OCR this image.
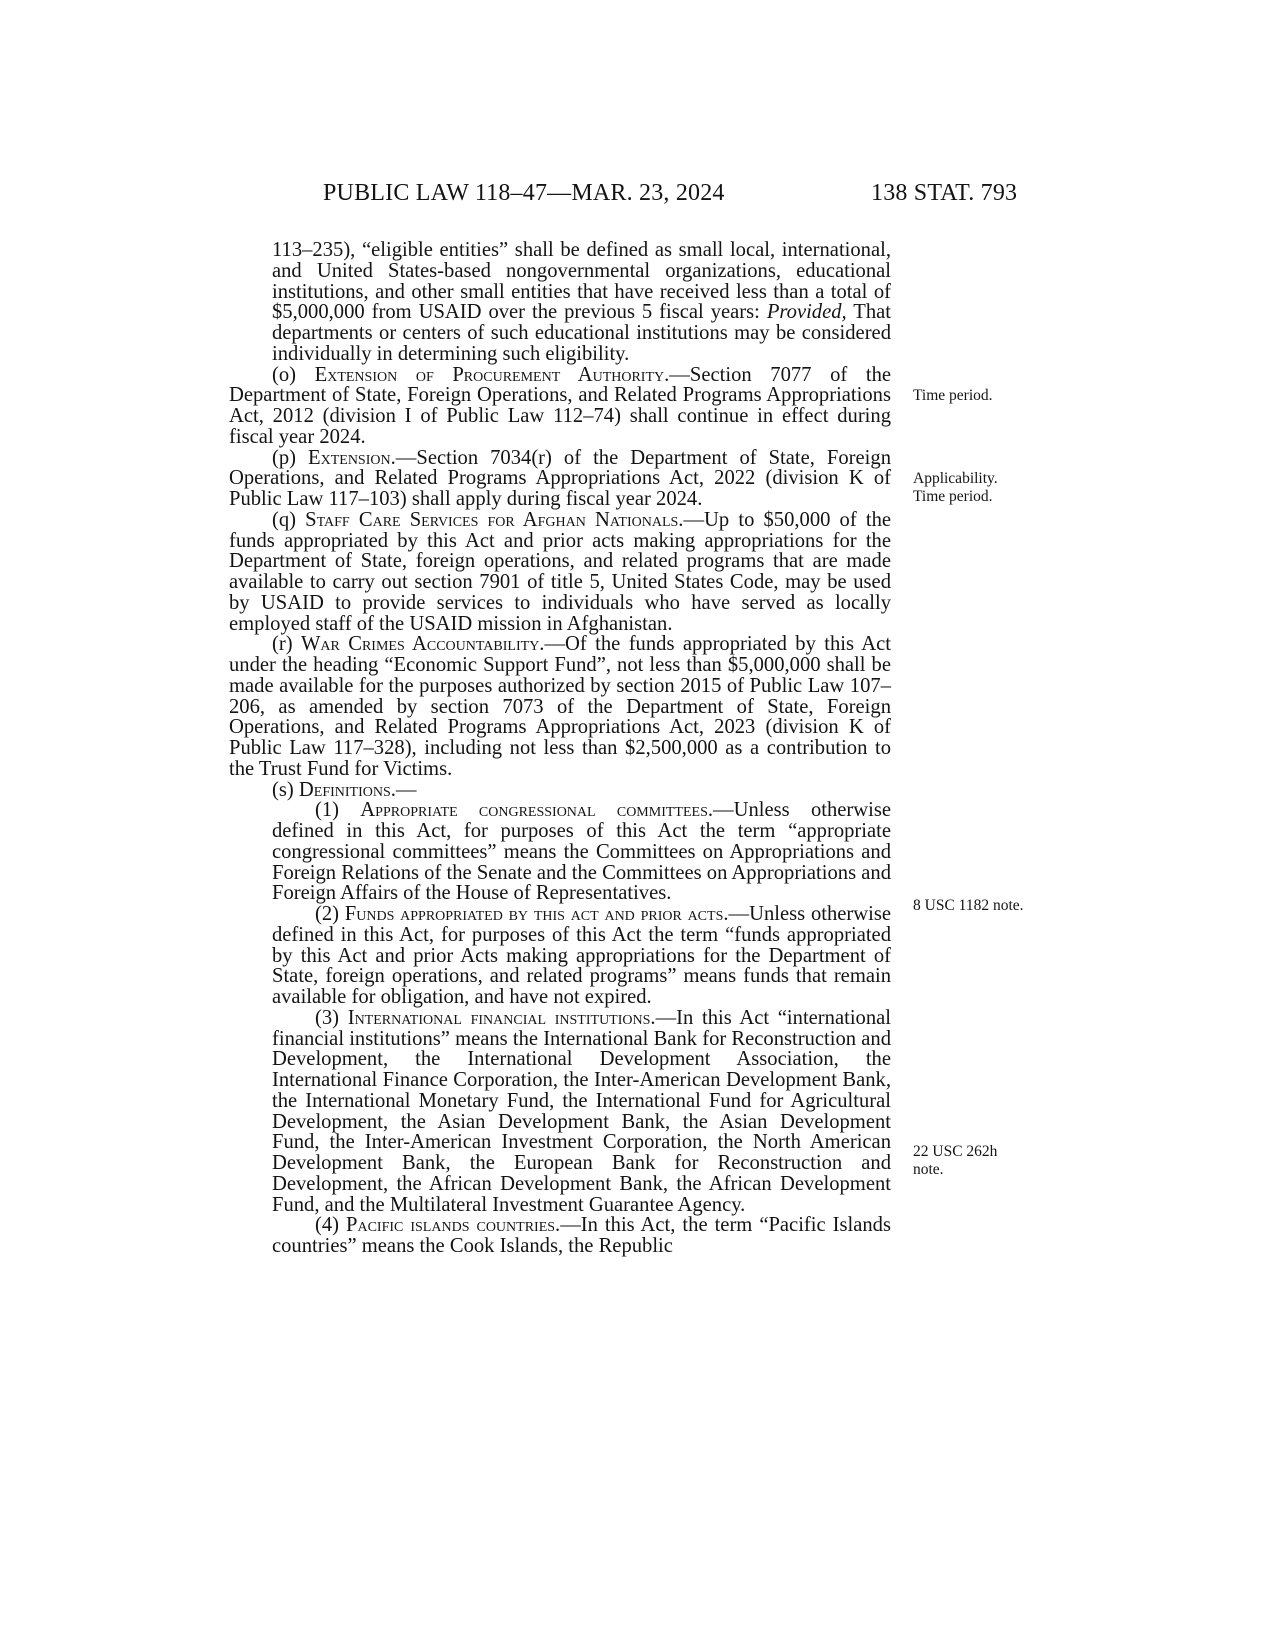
PUBLIC LAW 118–47—MAR. 23, 2024	138 STAT. 793

113–235), “eligible entities” shall be defined as small local, international, and United States-based nongovernmental organizations, educational institutions, and other small entities that have received less than a total of $5,000,000 from USAID over the previous 5 fiscal years: Provided, That departments or centers of such educational institutions may be considered individually in determining such eligibility.

(o) Extension of Procurement Authority.—Section 7077 of the Department of State, Foreign Operations, and Related Programs Appropriations Act, 2012 (division I of Public Law 112–74) shall continue in effect during fiscal year 2024.

(p) Extension.—Section 7034(r) of the Department of State, Foreign Operations, and Related Programs Appropriations Act, 2022 (division K of Public Law 117–103) shall apply during fiscal year 2024.

(q) Staff Care Services for Afghan Nationals.—Up to $50,000 of the funds appropriated by this Act and prior acts making appropriations for the Department of State, foreign operations, and related programs that are made available to carry out section 7901 of title 5, United States Code, may be used by USAID to provide services to individuals who have served as locally employed staff of the USAID mission in Afghanistan.

(r) War Crimes Accountability.—Of the funds appropriated by this Act under the heading “Economic Support Fund”, not less than $5,000,000 shall be made available for the purposes authorized by section 2015 of Public Law 107–206, as amended by section 7073 of the Department of State, Foreign Operations, and Related Programs Appropriations Act, 2023 (division K of Public Law 117–328), including not less than $2,500,000 as a contribution to the Trust Fund for Victims.

(s) Definitions.—

(1) Appropriate congressional committees.—Unless otherwise defined in this Act, for purposes of this Act the term “appropriate congressional committees” means the Committees on Appropriations and Foreign Relations of the Senate and the Committees on Appropriations and Foreign Affairs of the House of Representatives.

(2) Funds appropriated by this act and prior acts.—Unless otherwise defined in this Act, for purposes of this Act the term “funds appropriated by this Act and prior Acts making appropriations for the Department of State, foreign operations, and related programs” means funds that remain available for obligation, and have not expired.

(3) International financial institutions.—In this Act “international financial institutions” means the International Bank for Reconstruction and Development, the International Development Association, the International Finance Corporation, the Inter-American Development Bank, the International Monetary Fund, the International Fund for Agricultural Development, the Asian Development Bank, the Asian Development Fund, the Inter-American Investment Corporation, the North American Development Bank, the European Bank for Reconstruction and Development, the African Development Bank, the African Development Fund, and the Multilateral Investment Guarantee Agency.

(4) Pacific islands countries.—In this Act, the term “Pacific Islands countries” means the Cook Islands, the Republic

Time period.
Applicability.
Time period.
8 USC 1182 note.
22 USC 262h
note.
